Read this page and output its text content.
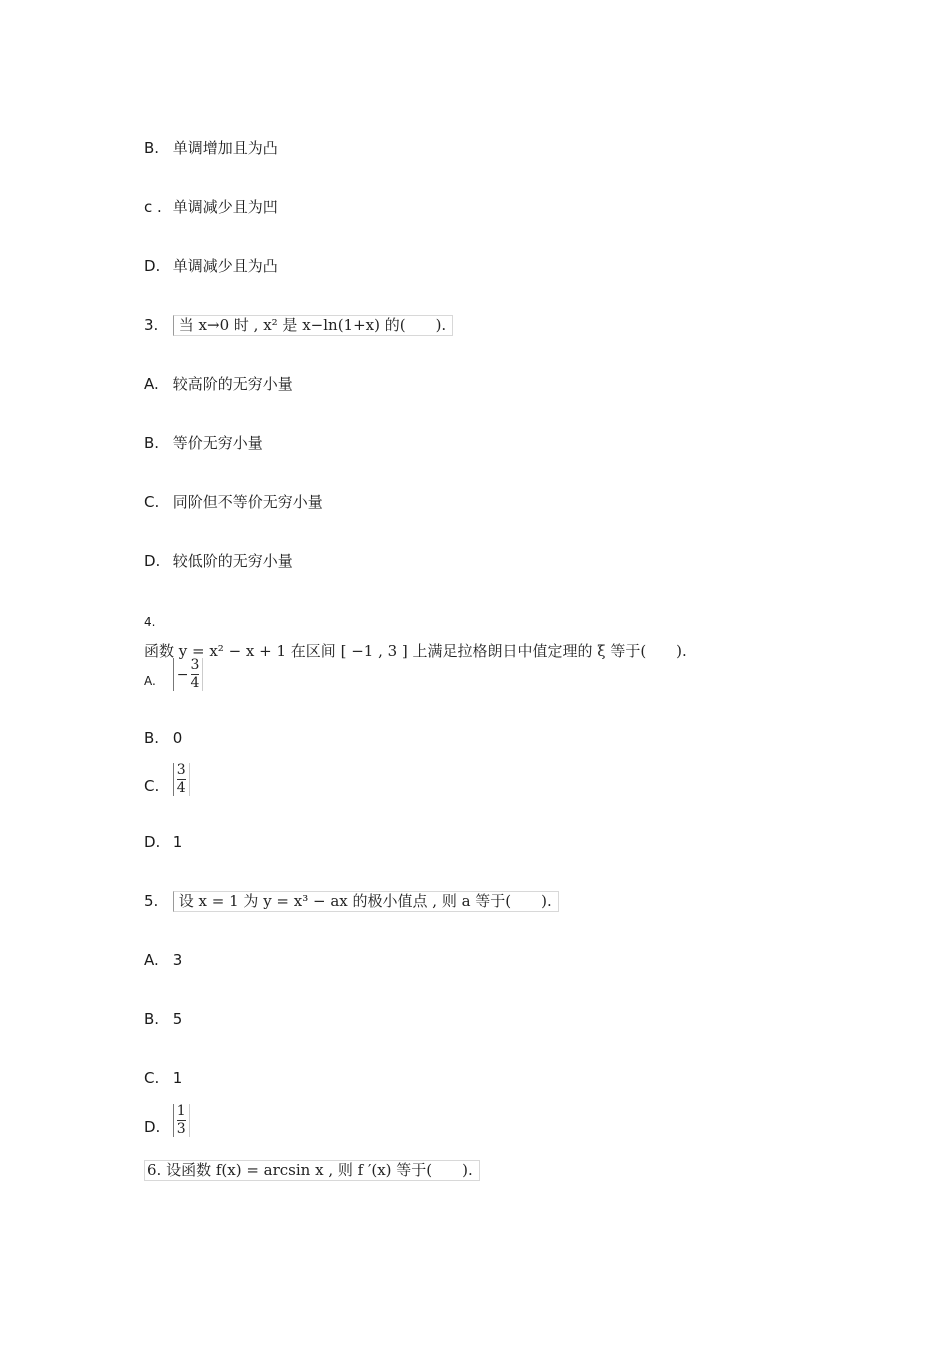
B. 单调增加且为凸
c . 单调减少且为凹
D. 单调减少且为凸
3. 当 x→0 时 , x² 是 x−ln(1+x) 的(　　).
A. 较高阶的无穷小量
B. 等价无穷小量
C. 同阶但不等价无穷小量
D. 较低阶的无穷小量
4.
函数 y = x² − x + 1 在区间 [ −1 , 3 ] 上满足拉格朗日中值定理的 ξ 等于(　　).
A. − $\frac{3}{4}$
B. 0
C. $\frac{3}{4}$
D. 1
5. 设 x = 1 为 y = x³ − ax 的极小值点 , 则 a 等于(　　).
A. 3
B. 5
C. 1
D. $\frac{1}{3}$
6. 设函数 f(x) = arcsin x , 则 f ′(x) 等于(　　).
